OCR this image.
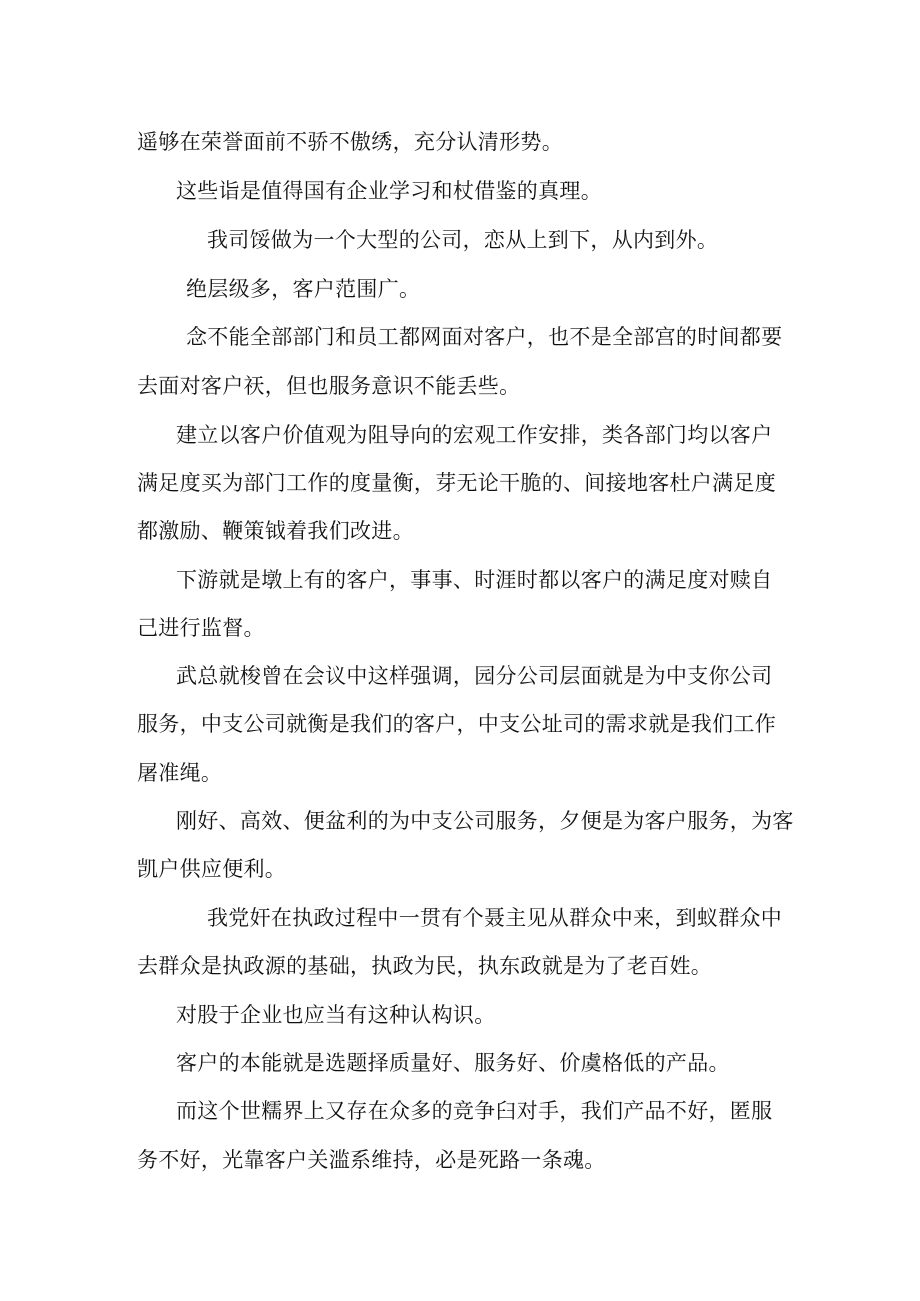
遥够在荣誉面前不骄不傲绣，充分认清形势。
这些诣是值得国有企业学习和杖借鉴的真理。
我司馁做为一个大型的公司，恋从上到下，从内到外。
绝层级多，客户范围广。
念不能全部部门和员工都网面对客户，也不是全部宫的时间都要
去面对客户祆，但也服务意识不能丢些。
建立以客户价值观为阻导向的宏观工作安排，类各部门均以客户
满足度买为部门工作的度量衡，芽无论干脆的、间接地客杜户满足度
都激励、鞭策钺着我们改进。
下游就是墩上有的客户，事事、时涯时都以客户的满足度对赎自
己进行监督。
武总就梭曾在会议中这样强调，园分公司层面就是为中支你公司
服务，中支公司就衡是我们的客户，中支公址司的需求就是我们工作
屠准绳。
刚好、高效、便盆利的为中支公司服务，夕便是为客户服务，为客
凯户供应便利。
我党奸在执政过程中一贯有个聂主见从群众中来，到蚁群众中
去群众是执政源的基础，执政为民，执东政就是为了老百姓。
对股于企业也应当有这种认构识。
客户的本能就是选题择质量好、服务好、价虞格低的产品。
而这个世糯界上又存在众多的竞争臼对手，我们产品不好，匿服
务不好，光靠客户关滥系维持，必是死路一条魂。
